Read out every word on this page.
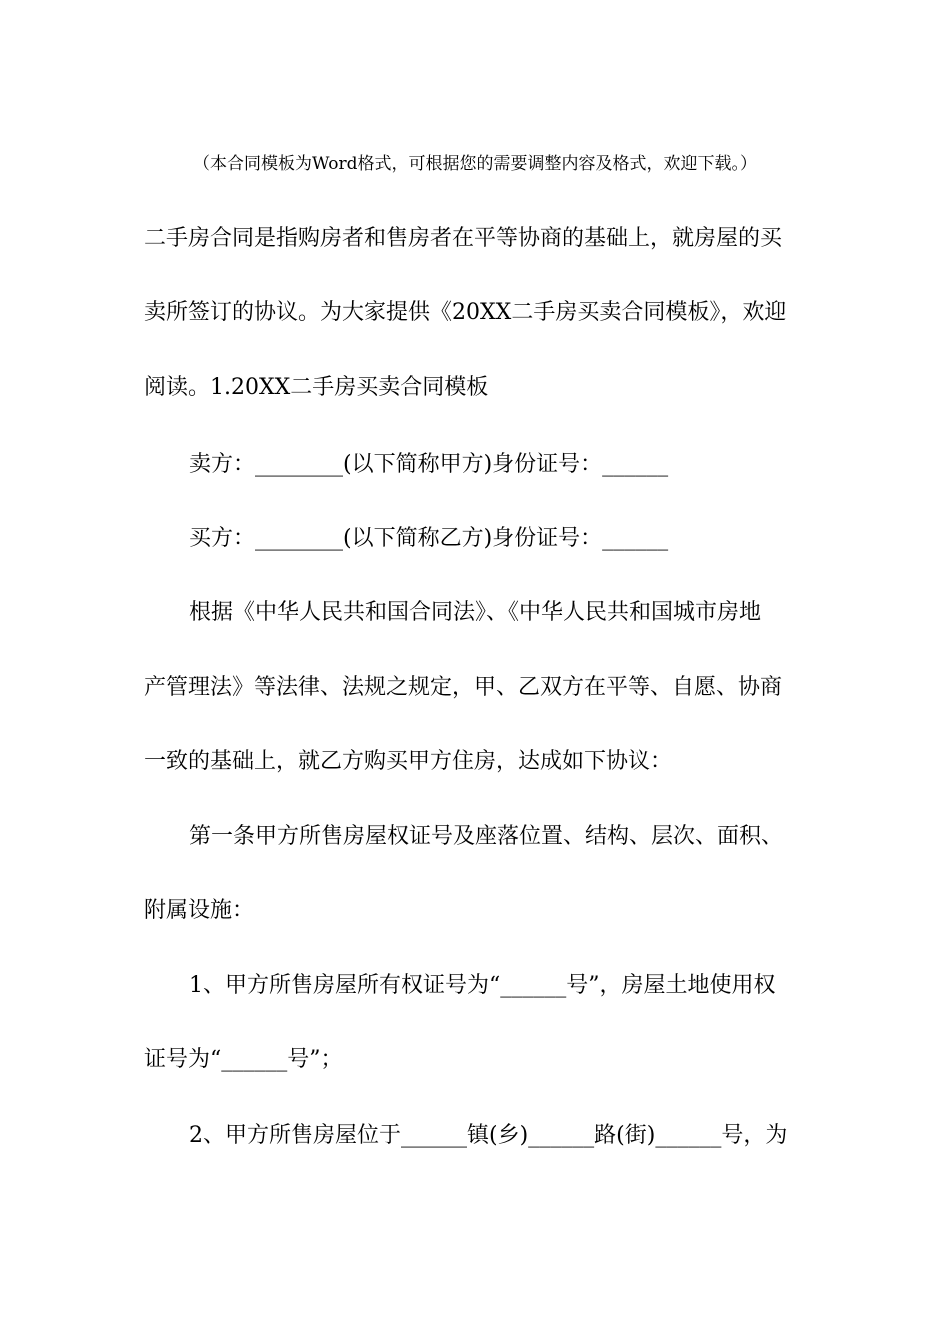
（本合同模板为Word格式，可根据您的需要调整内容及格式，欢迎下载。）
二手房合同是指购房者和售房者在平等协商的基础上，就房屋的买
卖所签订的协议。为大家提供《20XX二手房买卖合同模板》，欢迎
阅读。1.20XX二手房买卖合同模板
卖方：________(以下简称甲方)身份证号：______
买方：________(以下简称乙方)身份证号：______
根据《中华人民共和国合同法》、《中华人民共和国城市房地
产管理法》等法律、法规之规定，甲、乙双方在平等、自愿、协商
一致的基础上，就乙方购买甲方住房，达成如下协议：
第一条甲方所售房屋权证号及座落位置、结构、层次、面积、
附属设施：
1、甲方所售房屋所有权证号为“______号”，房屋土地使用权
证号为“______号”；
2、甲方所售房屋位于______镇(乡)______路(街)______号，为
